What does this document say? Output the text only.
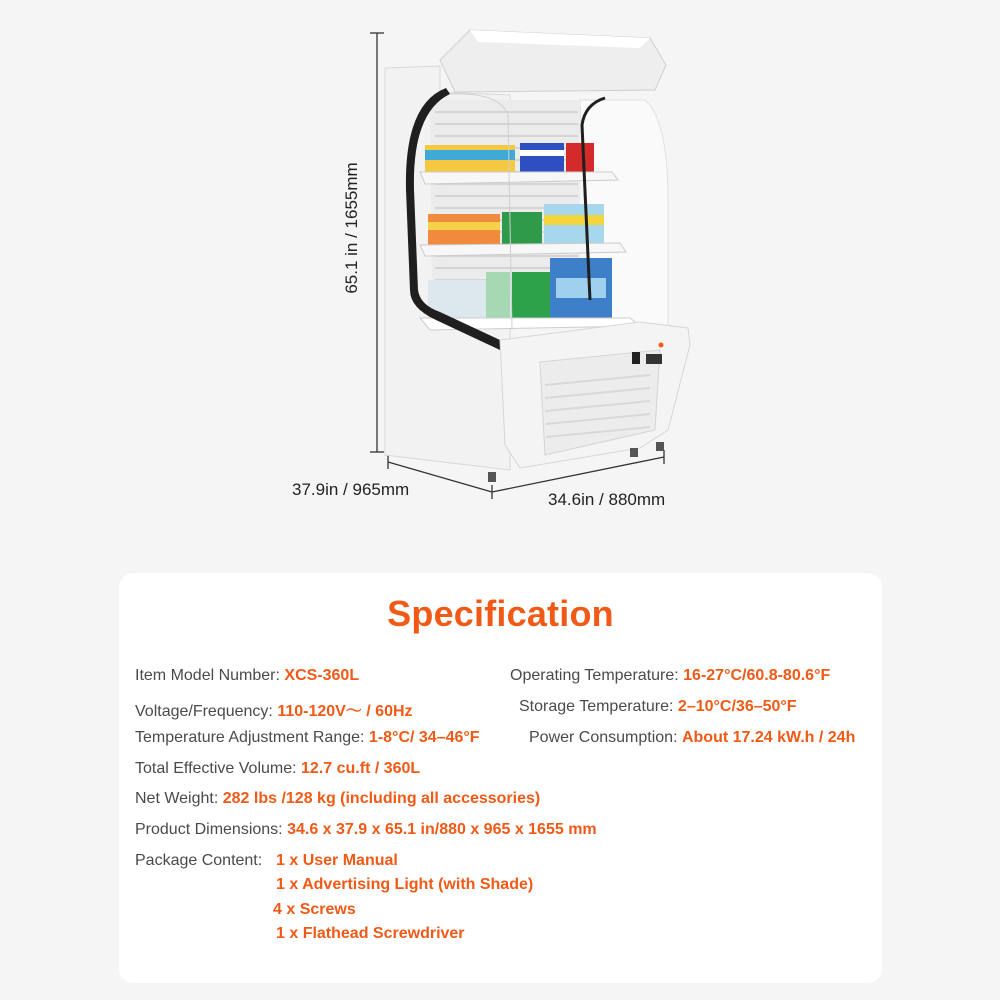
65.1 in / 1655mm
37.9in / 965mm
34.6in / 880mm
Specification
Item Model Number: XCS-360L
Voltage/Frequency: 110-120V～ / 60Hz
Temperature Adjustment Range: 1-8°C/ 34–46°F
Total Effective Volume: 12.7 cu.ft / 360L
Operating Temperature: 16-27°C/60.8-80.6°F
Storage Temperature: 2–10°C/36–50°F
Power Consumption: About 17.24 kW.h / 24h
Net Weight: 282 lbs /128 kg (including all accessories)
Product Dimensions: 34.6 x 37.9 x 65.1 in/880 x 965 x 1655 mm
Package Content: 1 x User Manual
1 x Advertising Light (with Shade)
4 x Screws
1 x Flathead Screwdriver
